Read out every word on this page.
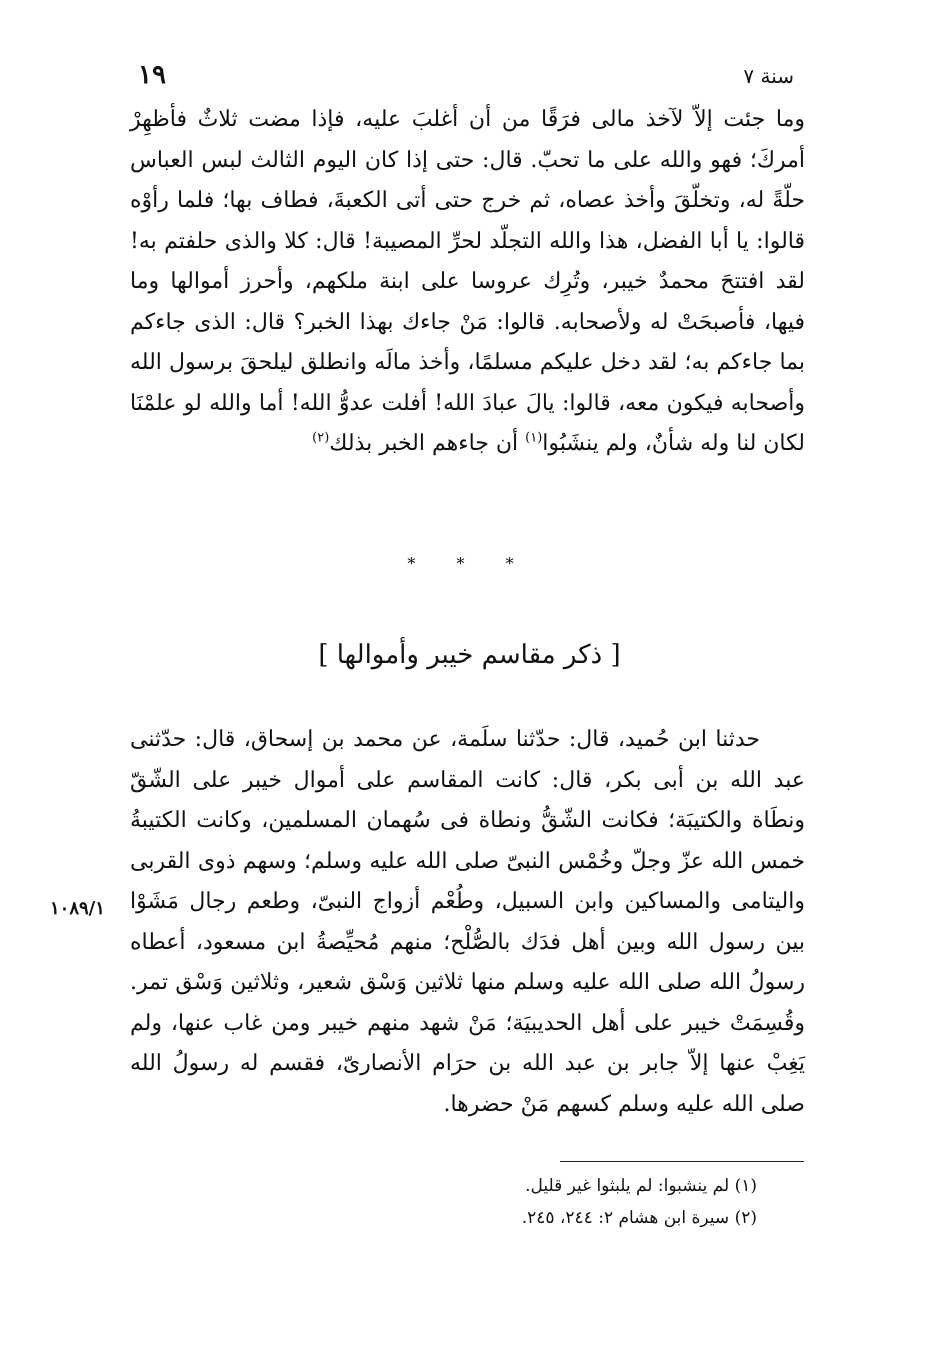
١٩	سنة ٧
وما جئت إلاّ لآخذ مالى فرَقًا من أن أغلبَ عليه، فإذا مضت ثلاثٌ فأظهِرْ أمركَ؛ فهو والله على ما تحبّ. قال: حتى إذا كان اليوم الثالث لبس العباس حلّةً له، وتخلّقَ وأخذ عصاه، ثم خرج حتى أتى الكعبةَ، فطاف بها؛ فلما رأوْه قالوا: يا أبا الفضل، هذا والله التجلّد لحرِّ المصيبة! قال: كلا والذى حلفتم به! لقد افتتحَ محمدٌ خيبر، وتُرِك عروسا على ابنة ملكهم، وأحرز أموالها وما فيها، فأصبحَتْ له ولأصحابه. قالوا: مَنْ جاءك بهذا الخبر؟ قال: الذى جاءكم بما جاءكم به؛ لقد دخل عليكم مسلمًا، وأخذ مالَه وانطلق ليلحقَ برسول الله وأصحابه فيكون معه، قالوا: يالَ عبادَ الله! أفلت عدوُّ الله! أما والله لو علمْنَا لكان لنا وله شأنٌ، ولم ينشَبُوا$^{(١)}$ أن جاءهم الخبر بذلك$^{(٢)}$
* * *
[ ذكر مقاسم خيبر وأموالها ]
حدثنا ابن حُميد، قال: حدّثنا سلَمة، عن محمد بن إسحاق، قال: حدّثنى عبد الله بن أبى بكر، قال: كانت المقاسم على أموال خيبر على الشّقّ ونطَاة والكتيبَة؛ فكانت الشّقُّ ونطاة فى سُهمان المسلمين، وكانت الكتيبةُ خمس الله عزّ وجلّ وخُمْس النبىّ صلى الله عليه وسلم؛ وسهم ذوى القربى واليتامى والمساكين وابن السبيل، وطُعْم أزواج النبىّ، وطعم رجال مَشَوْا بين رسول الله وبين أهل فدَك بالصُّلْح؛ منهم مُحيِّصةُ ابن مسعود، أعطاه رسولُ الله صلى الله عليه وسلم منها ثلاثين وَسْق شعير، وثلاثين وَسْق تمر. وقُسِمَتْ خيبر على أهل الحديبيَة؛ مَنْ شهد منهم خيبر ومن غاب عنها، ولم يَغِبْ عنها إلاّ جابر بن عبد الله بن حرَام الأنصارىّ، فقسم له رسولُ الله صلى الله عليه وسلم كسهم مَنْ حضرها.
١٠٨٩/١
(١) لم ينشبوا: لم يلبثوا غير قليل.
(٢) سيرة ابن هشام ٢: ٢٤٤، ٢٤٥.
